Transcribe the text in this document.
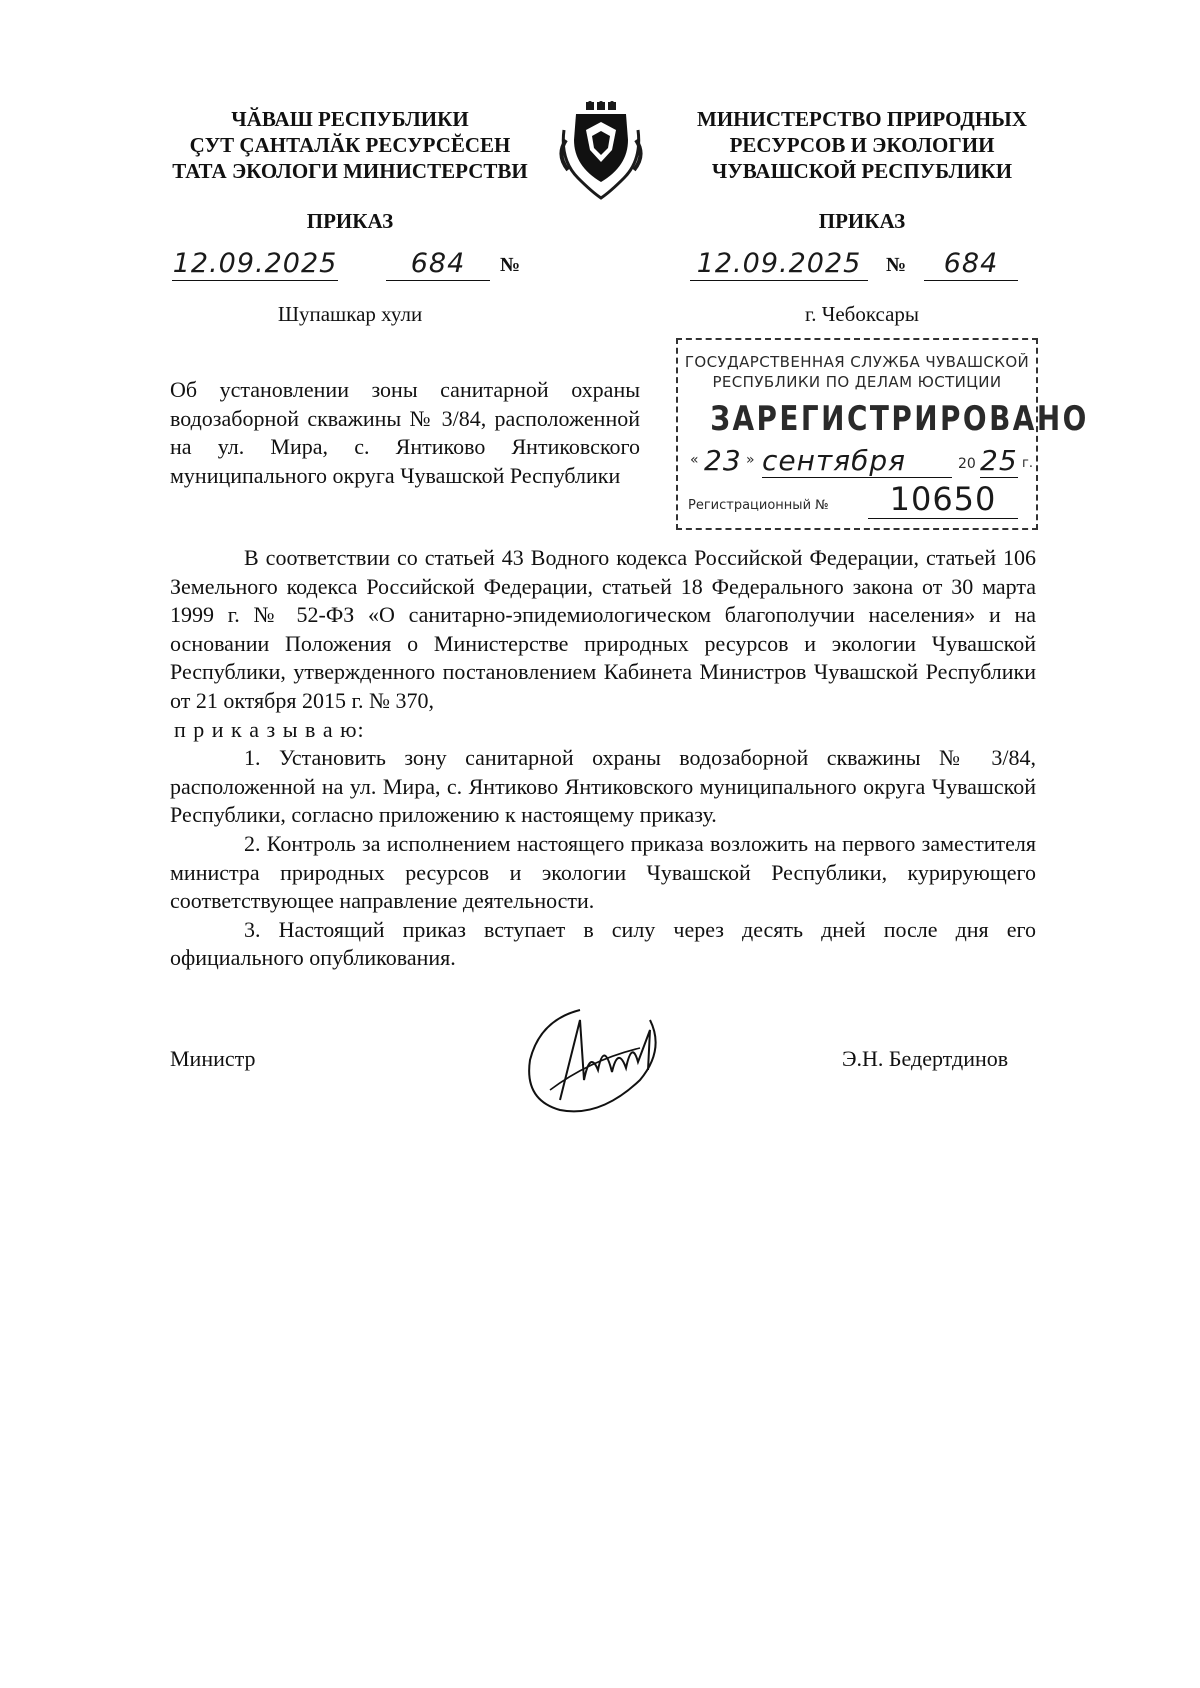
ЧӐВАШ РЕСПУБЛИКИ
ÇУТ ÇАНТАЛӐК РЕСУРСĔСЕН
ТАТА ЭКОЛОГИ МИНИСТЕРСТВИ
ПРИКАЗ
МИНИСТЕРСТВО ПРИРОДНЫХ
РЕСУРСОВ И ЭКОЛОГИИ
ЧУВАШСКОЙ РЕСПУБЛИКИ
ПРИКАЗ
12.09.2025	684	№	12.09.2025	№	684
Шупашкар хули	г. Чебоксары
ГОСУДАРСТВЕННАЯ СЛУЖБА ЧУВАШСКОЙ
РЕСПУБЛИКИ ПО ДЕЛАМ ЮСТИЦИИ
ЗАРЕГИСТРИРОВАНО
« 23 » сентября	20 25 г.
Регистрационный №	10650
Об установлении зоны санитарной охраны водозаборной скважины № 3/84, расположенной на ул. Мира, с. Янтиково Янтиковского муниципального округа Чувашской Республики

В соответствии со статьей 43 Водного кодекса Российской Федерации, статьей 106 Земельного кодекса Российской Федерации, статьей 18 Федерального закона от 30 марта 1999 г. № 52-ФЗ «О санитарно-эпидемиологическом благополучии населения» и на основании Положения о Министерстве природных ресурсов и экологии Чувашской Республики, утвержденного постановлением Кабинета Министров Чувашской Республики от 21 октября 2015 г. № 370,

п р и к а з ы в а ю:

1. Установить зону санитарной охраны водозаборной скважины № 3/84, расположенной на ул. Мира, с. Янтиково Янтиковского муниципального округа Чувашской Республики, согласно приложению к настоящему приказу.

2. Контроль за исполнением настоящего приказа возложить на первого заместителя министра природных ресурсов и экологии Чувашской Республики, курирующего соответствующее направление деятельности.

3. Настоящий приказ вступает в силу через десять дней после дня его официального опубликования.

Министр	Э.Н. Бедертдинов
